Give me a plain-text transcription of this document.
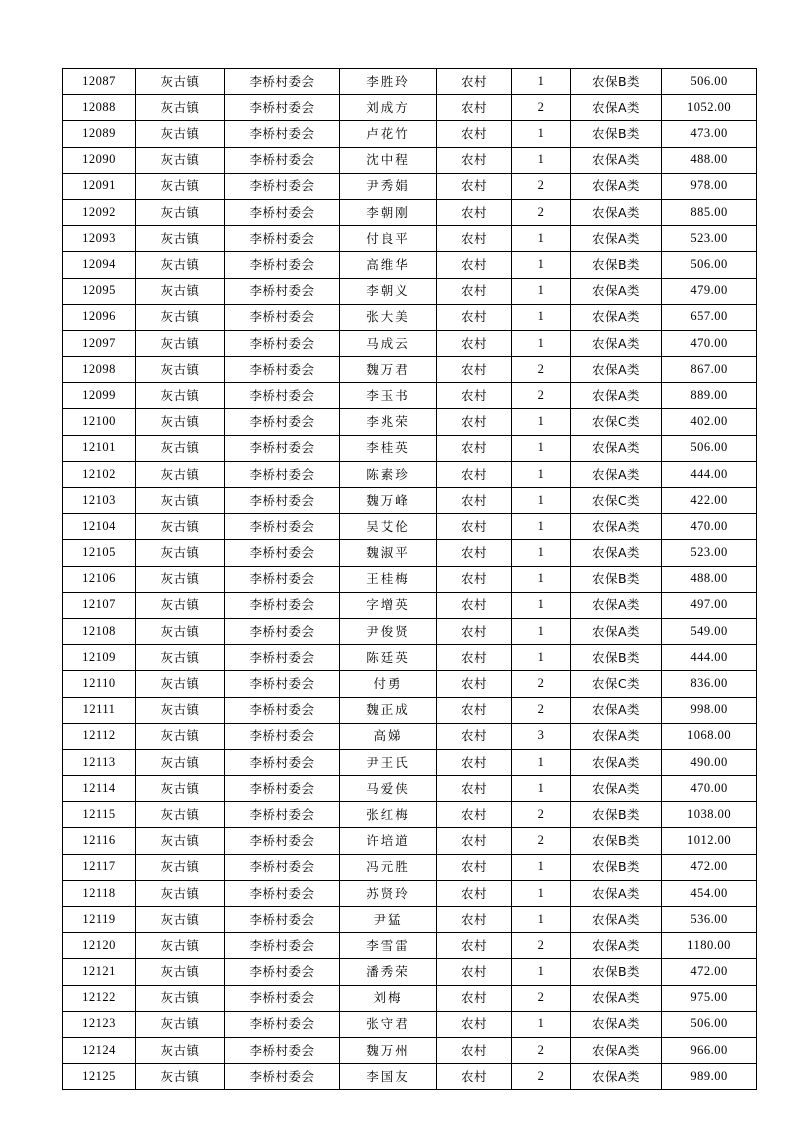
12087	灰古镇	李桥村委会	李胜玲	农村	1	农保B类	506.00
12088	灰古镇	李桥村委会	刘成方	农村	2	农保A类	1052.00
12089	灰古镇	李桥村委会	卢花竹	农村	1	农保B类	473.00
12090	灰古镇	李桥村委会	沈中程	农村	1	农保A类	488.00
12091	灰古镇	李桥村委会	尹秀娟	农村	2	农保A类	978.00
12092	灰古镇	李桥村委会	李朝刚	农村	2	农保A类	885.00
12093	灰古镇	李桥村委会	付良平	农村	1	农保A类	523.00
12094	灰古镇	李桥村委会	高维华	农村	1	农保B类	506.00
12095	灰古镇	李桥村委会	李朝义	农村	1	农保A类	479.00
12096	灰古镇	李桥村委会	张大美	农村	1	农保A类	657.00
12097	灰古镇	李桥村委会	马成云	农村	1	农保A类	470.00
12098	灰古镇	李桥村委会	魏万君	农村	2	农保A类	867.00
12099	灰古镇	李桥村委会	李玉书	农村	2	农保A类	889.00
12100	灰古镇	李桥村委会	李兆荣	农村	1	农保C类	402.00
12101	灰古镇	李桥村委会	李桂英	农村	1	农保A类	506.00
12102	灰古镇	李桥村委会	陈素珍	农村	1	农保A类	444.00
12103	灰古镇	李桥村委会	魏万峰	农村	1	农保C类	422.00
12104	灰古镇	李桥村委会	吴艾伦	农村	1	农保A类	470.00
12105	灰古镇	李桥村委会	魏淑平	农村	1	农保A类	523.00
12106	灰古镇	李桥村委会	王桂梅	农村	1	农保B类	488.00
12107	灰古镇	李桥村委会	字增英	农村	1	农保A类	497.00
12108	灰古镇	李桥村委会	尹俊贤	农村	1	农保A类	549.00
12109	灰古镇	李桥村委会	陈廷英	农村	1	农保B类	444.00
12110	灰古镇	李桥村委会	付勇	农村	2	农保C类	836.00
12111	灰古镇	李桥村委会	魏正成	农村	2	农保A类	998.00
12112	灰古镇	李桥村委会	高娣	农村	3	农保A类	1068.00
12113	灰古镇	李桥村委会	尹王氏	农村	1	农保A类	490.00
12114	灰古镇	李桥村委会	马爱侠	农村	1	农保A类	470.00
12115	灰古镇	李桥村委会	张红梅	农村	2	农保B类	1038.00
12116	灰古镇	李桥村委会	许培道	农村	2	农保B类	1012.00
12117	灰古镇	李桥村委会	冯元胜	农村	1	农保B类	472.00
12118	灰古镇	李桥村委会	苏贤玲	农村	1	农保A类	454.00
12119	灰古镇	李桥村委会	尹猛	农村	1	农保A类	536.00
12120	灰古镇	李桥村委会	李雪雷	农村	2	农保A类	1180.00
12121	灰古镇	李桥村委会	潘秀荣	农村	1	农保B类	472.00
12122	灰古镇	李桥村委会	刘梅	农村	2	农保A类	975.00
12123	灰古镇	李桥村委会	张守君	农村	1	农保A类	506.00
12124	灰古镇	李桥村委会	魏万州	农村	2	农保A类	966.00
12125	灰古镇	李桥村委会	李国友	农村	2	农保A类	989.00
